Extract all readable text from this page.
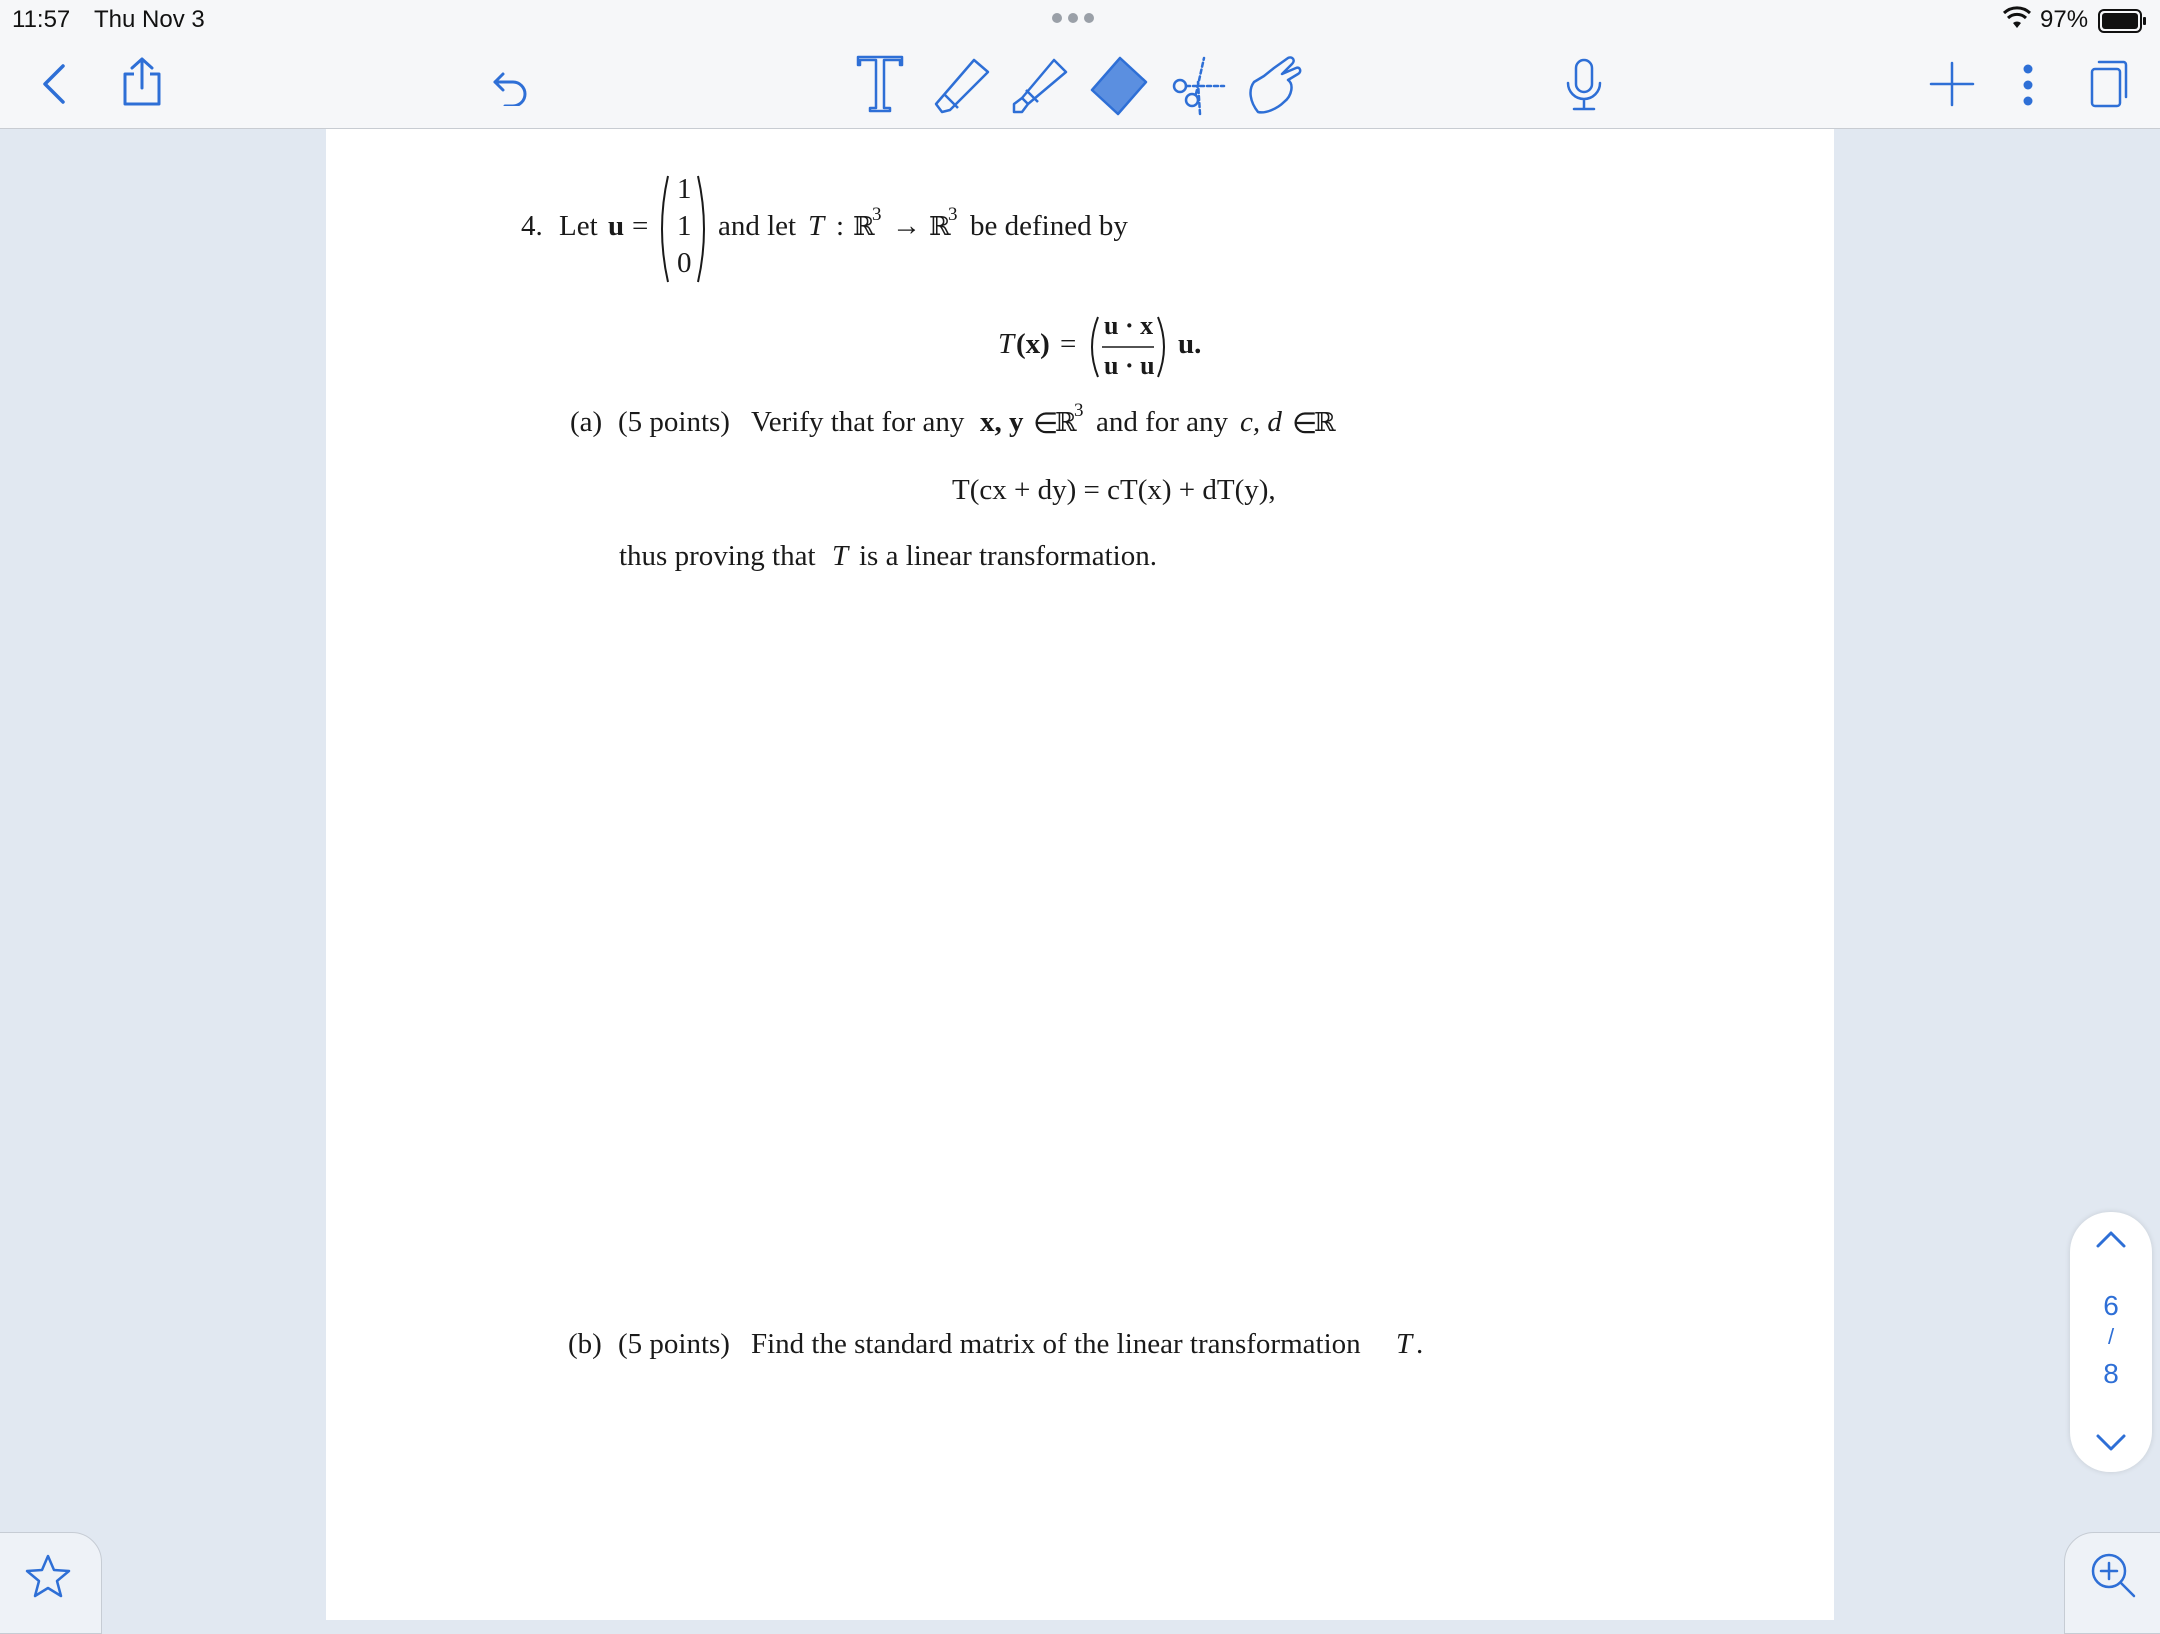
11:57 Thu Nov 3	97%
4. Let u =
1
1
0
and let T : ℝ
3 → ℝ
3 be defined by
T (x) =
u · x
u · u
u.
(a) (5 points) Verify that for any x, y ∈
ℝ
3 and for any c, d ∈
ℝ
T(cx + dy) = cT(x) + dT(y),
thus proving that T is a linear transformation.
(b) (5 points) Find the standard matrix of the linear transformation T .
6
/
8
